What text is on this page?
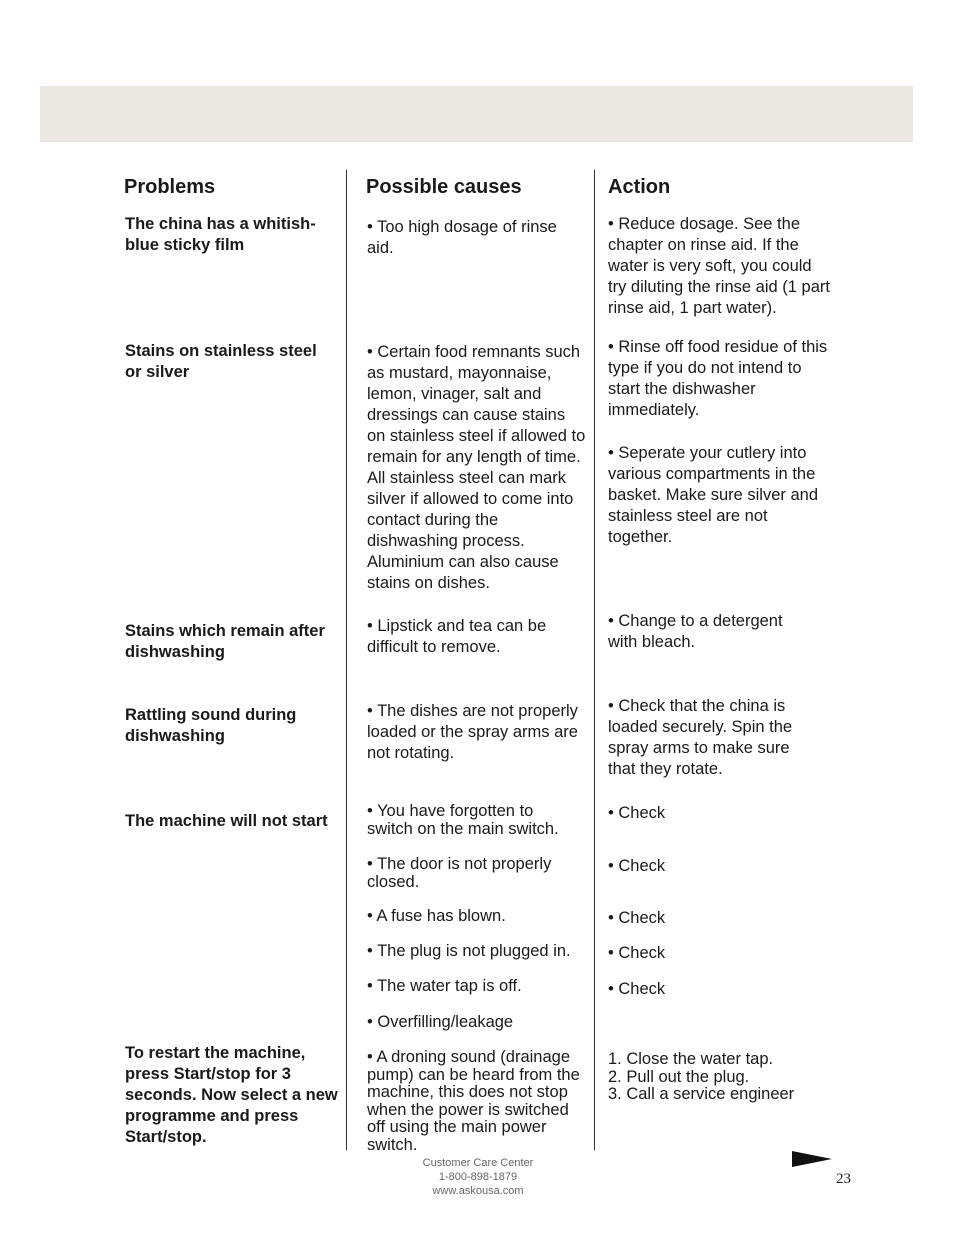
Problems	Possible causes	Action

The china has a whitish-blue sticky film

• Too high dosage of rinse aid.

• Reduce dosage. See the chapter on rinse aid. If the water is very soft, you could try diluting the rinse aid (1 part rinse aid, 1 part water).

Stains on stainless steel or silver

• Certain food remnants such as mustard, mayonnaise, lemon, vinager, salt and dressings can cause stains on stainless steel if allowed to remain for any length of time. All stainless steel can mark silver if allowed to come into contact during the dishwashing process. Aluminium can also cause stains on dishes.

• Rinse off food residue of this type if you do not intend to start the dishwasher immediately.

• Seperate your cutlery into various compartments in the basket. Make sure silver and stainless steel are not together.

Stains which remain after dishwashing

• Lipstick and tea can be difficult to remove.

• Change to a detergent with bleach.

Rattling sound during dishwashing

• The dishes are not properly loaded or the spray arms are not rotating.

• Check that the china is loaded securely. Spin the spray arms to make sure that they rotate.

The machine will not start

• You have forgotten to switch on the main switch.

• The door is not properly closed.

• A fuse has blown.

• The plug is not plugged in.

• The water tap is off.

• Check

• Check

• Check

• Check

• Check

To restart the machine, press Start/stop for 3 seconds. Now select a new programme and press Start/stop.

• Overfilling/leakage

• A droning sound (drainage pump) can be heard from the machine, this does not stop when the power is switched off using the main power switch.

1. Close the water tap.

2. Pull out the plug.

3. Call a service engineer

Customer Care Center
1-800-898-1879
www.askousa.com
23
